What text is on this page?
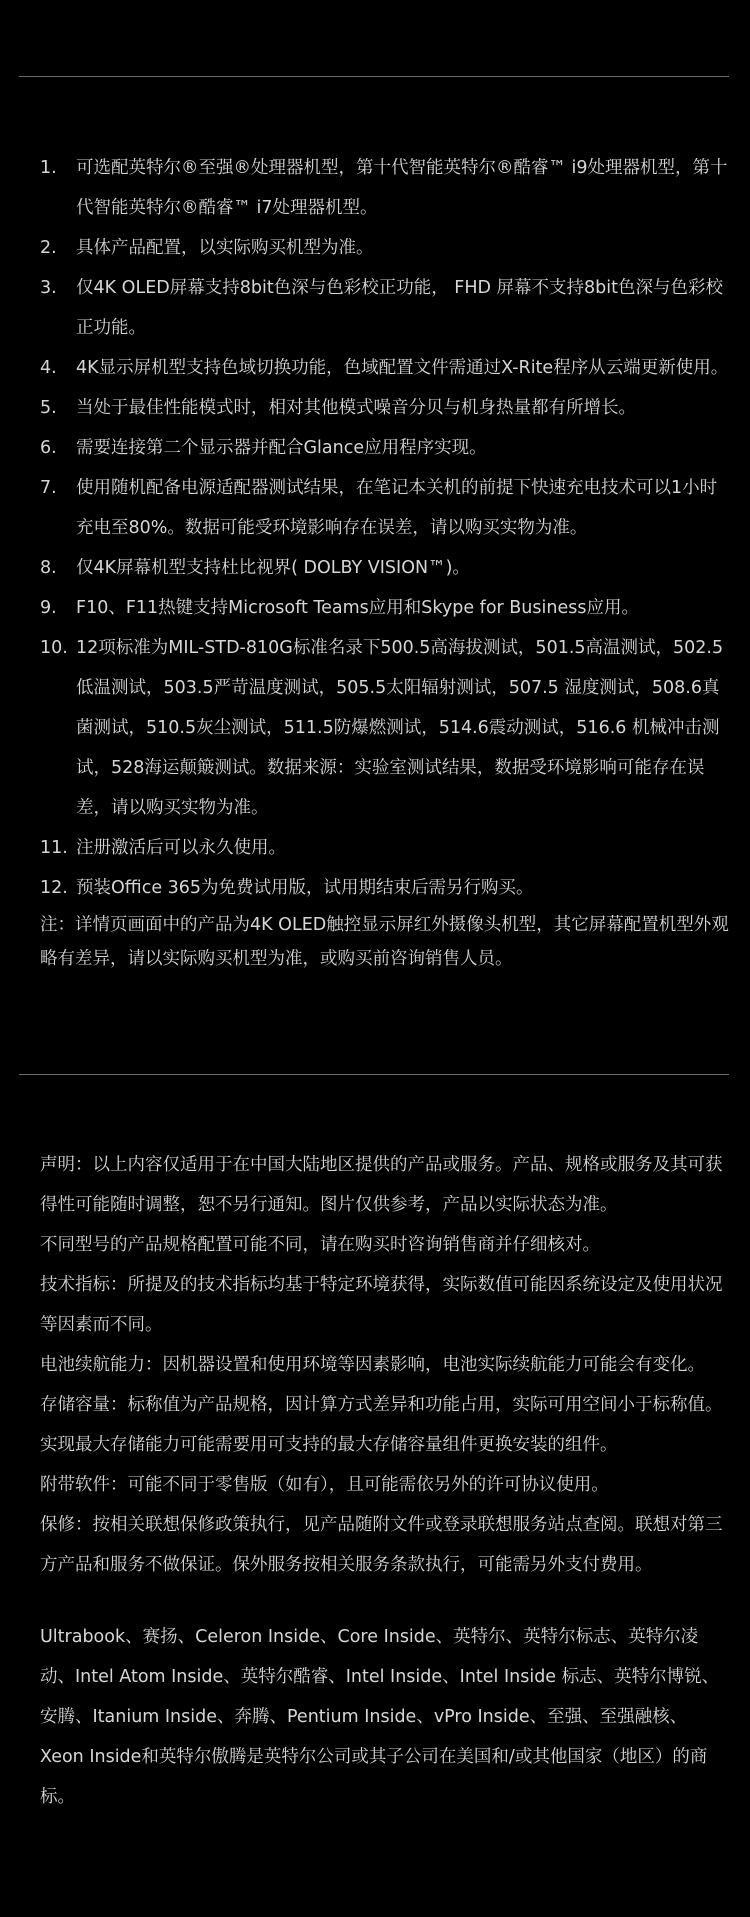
1.	可选配英特尔®至强®处理器机型，第十代智能英特尔®酷睿™ i9处理器机型，第十代智能英特尔®酷睿™ i7处理器机型。
2.	具体产品配置，以实际购买机型为准。
3.	仅4K OLED屏幕支持8bit色深与色彩校正功能， FHD 屏幕不支持8bit色深与色彩校正功能。
4.	4K显示屏机型支持色域切换功能，色域配置文件需通过X-Rite程序从云端更新使用。
5.	当处于最佳性能模式时，相对其他模式噪音分贝与机身热量都有所增长。
6.	需要连接第二个显示器并配合Glance应用程序实现。
7.	使用随机配备电源适配器测试结果，在笔记本关机的前提下快速充电技术可以1小时充电至80%。数据可能受环境影响存在误差，请以购买实物为准。
8.	仅4K屏幕机型支持杜比视界( DOLBY VISION™)。
9.	F10、F11热键支持Microsoft Teams应用和Skype for Business应用。
10. 12项标准为MIL-STD-810G标准名录下500.5高海拔测试，501.5高温测试，502.5低温测试，503.5严苛温度测试，505.5太阳辐射测试，507.5 湿度测试，508.6真菌测试，510.5灰尘测试，511.5防爆燃测试，514.6震动测试，516.6 机械冲击测试，528海运颠簸测试。数据来源：实验室测试结果，数据受环境影响可能存在误差，请以购买实物为准。
11. 注册激活后可以永久使用。
12. 预装Office 365为免费试用版，试用期结束后需另行购买。
注：详情页画面中的产品为4K OLED触控显示屏红外摄像头机型，其它屏幕配置机型外观略有差异，请以实际购买机型为准，或购买前咨询销售人员。

声明：以上内容仅适用于在中国大陆地区提供的产品或服务。产品、规格或服务及其可获得性可能随时调整，恕不另行通知。图片仅供参考，产品以实际状态为准。

不同型号的产品规格配置可能不同，请在购买时咨询销售商并仔细核对。

技术指标：所提及的技术指标均基于特定环境获得，实际数值可能因系统设定及使用状况等因素而不同。

电池续航能力：因机器设置和使用环境等因素影响，电池实际续航能力可能会有变化。

存储容量：标称值为产品规格，因计算方式差异和功能占用，实际可用空间小于标称值。实现最大存储能力可能需要用可支持的最大存储容量组件更换安装的组件。

附带软件：可能不同于零售版（如有），且可能需依另外的许可协议使用。

保修：按相关联想保修政策执行，见产品随附文件或登录联想服务站点查阅。联想对第三方产品和服务不做保证。保外服务按相关服务条款执行，可能需另外支付费用。

Ultrabook、赛扬、Celeron Inside、Core Inside、英特尔、英特尔标志、英特尔凌动、Intel Atom Inside、英特尔酷睿、Intel Inside、Intel Inside 标志、英特尔博锐、安腾、Itanium Inside、奔腾、Pentium Inside、vPro Inside、至强、至强融核、Xeon Inside和英特尔傲腾是英特尔公司或其子公司在美国和/或其他国家（地区）的商标。
